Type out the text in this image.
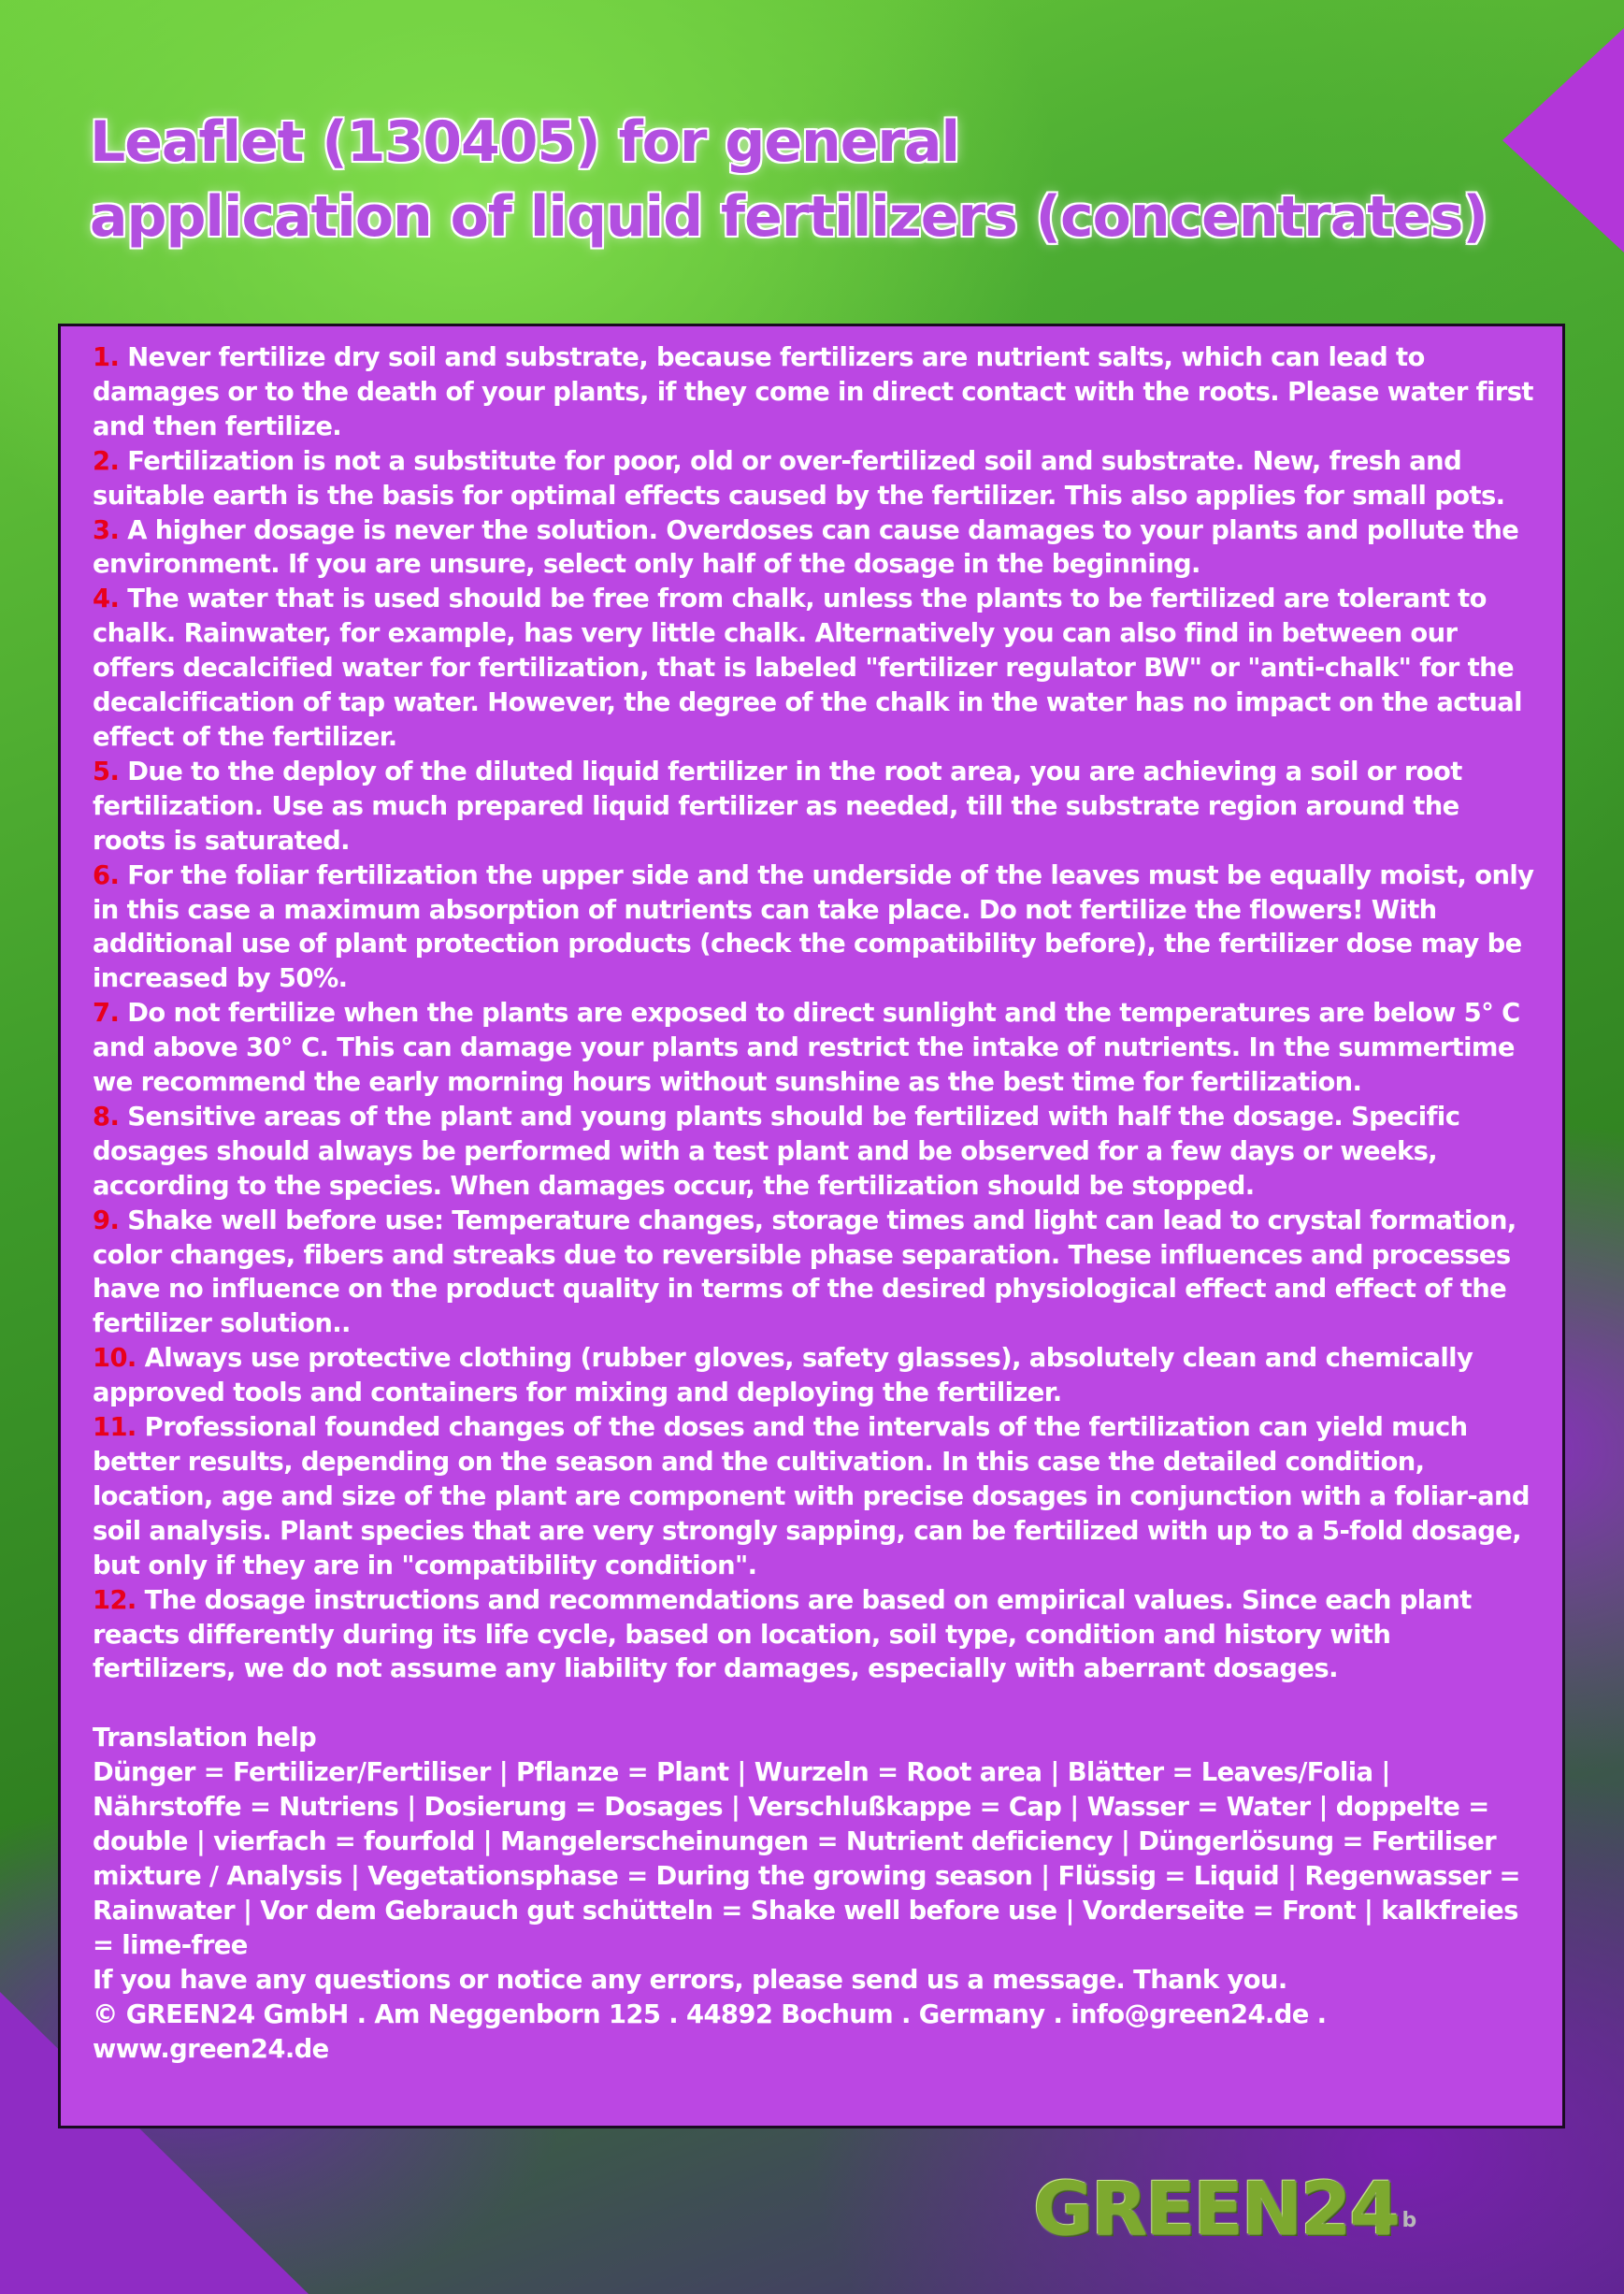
Leaflet (130405) for general
application of liquid fertilizers (concentrates)

1. Never fertilize dry soil and substrate, because fertilizers are nutrient salts, which can lead to damages or to the death of your plants, if they come in direct contact with the roots. Please water first and then fertilize.

2. Fertilization is not a substitute for poor, old or over-fertilized soil and substrate. New, fresh and suitable earth is the basis for optimal effects caused by the fertilizer. This also applies for small pots.

3. A higher dosage is never the solution. Overdoses can cause damages to your plants and pollute the environment. If you are unsure, select only half of the dosage in the beginning.

4. The water that is used should be free from chalk, unless the plants to be fertilized are tolerant to chalk. Rainwater, for example, has very little chalk. Alternatively you can also find in between our offers decalcified water for fertilization, that is labeled "fertilizer regulator BW" or "anti-chalk" for the decalcification of tap water. However, the degree of the chalk in the water has no impact on the actual effect of the fertilizer.

5. Due to the deploy of the diluted liquid fertilizer in the root area, you are achieving a soil or root fertilization. Use as much prepared liquid fertilizer as needed, till the substrate region around the roots is saturated.

6. For the foliar fertilization the upper side and the underside of the leaves must be equally moist, only in this case a maximum absorption of nutrients can take place. Do not fertilize the flowers! With additional use of plant protection products (check the compatibility before), the fertilizer dose may be increased by 50%.

7. Do not fertilize when the plants are exposed to direct sunlight and the temperatures are below 5° C and above 30° C. This can damage your plants and restrict the intake of nutrients. In the summertime we recommend the early morning hours without sunshine as the best time for fertilization.

8. Sensitive areas of the plant and young plants should be fertilized with half the dosage. Specific dosages should always be performed with a test plant and be observed for a few days or weeks, according to the species. When damages occur, the fertilization should be stopped.

9. Shake well before use: Temperature changes, storage times and light can lead to crystal formation, color changes, fibers and streaks due to reversible phase separation. These influences and processes have no influence on the product quality in terms of the desired physiological effect and effect of the fertilizer solution..

10. Always use protective clothing (rubber gloves, safety glasses), absolutely clean and chemically approved tools and containers for mixing and deploying the fertilizer.

11. Professional founded changes of the doses and the intervals of the fertilization can yield much better results, depending on the season and the cultivation. In this case the detailed condition, location, age and size of the plant are component with precise dosages in conjunction with a foliar-and soil analysis. Plant species that are very strongly sapping, can be fertilized with up to a 5-fold dosage, but only if they are in "compatibility condition".

12. The dosage instructions and recommendations are based on empirical values. Since each plant reacts differently during its life cycle, based on location, soil type, condition and history with fertilizers, we do not assume any liability for damages, especially with aberrant dosages.

Translation help

Dünger = Fertilizer/Fertiliser | Pflanze = Plant | Wurzeln = Root area | Blätter = Leaves/Folia | Nährstoffe = Nutriens | Dosierung = Dosages | Verschlußkappe = Cap | Wasser = Water | doppelte = double | vierfach = fourfold | Mangelerscheinungen = Nutrient deficiency | Düngerlösung = Fertiliser mixture / Analysis | Vegetationsphase = During the growing season | Flüssig = Liquid | Regenwasser = Rainwater | Vor dem Gebrauch gut schütteln = Shake well before use | Vorderseite = Front | kalkfreies = lime-free

If you have any questions or notice any errors, please send us a message. Thank you.

© GREEN24 GmbH . Am Neggenborn 125 . 44892 Bochum . Germany . info@green24.de . www.green24.de

GREEN24 $^b$
